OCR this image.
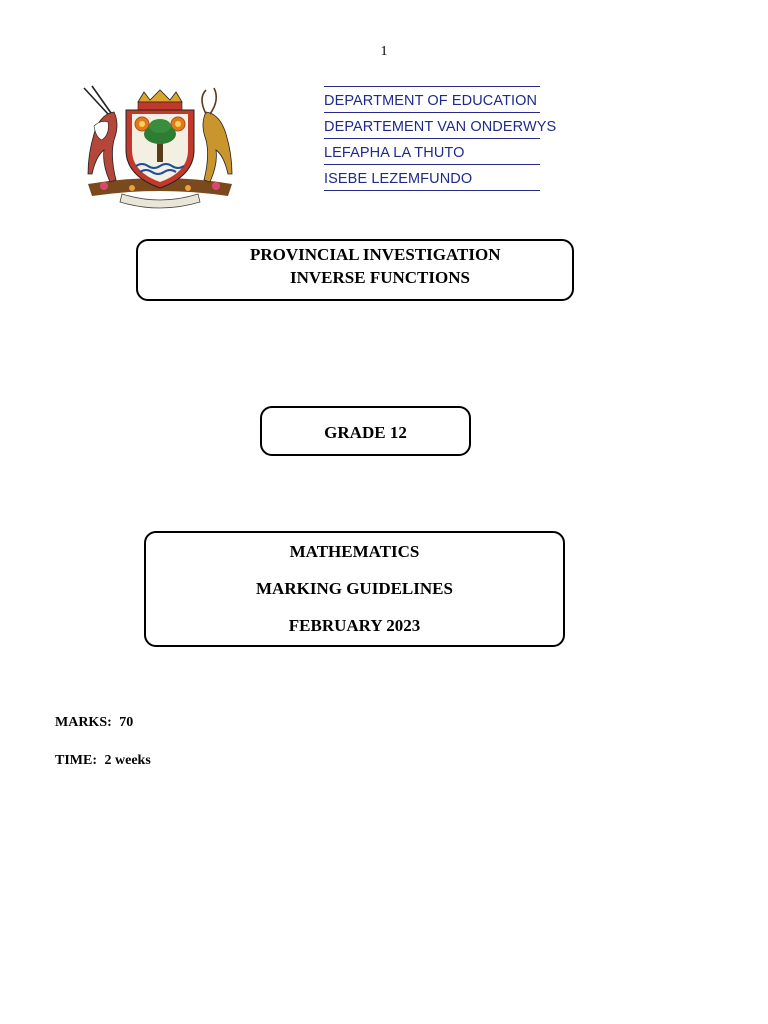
1
DEPARTMENT OF EDUCATION
DEPARTEMENT VAN ONDERWYS
LEFAPHA LA THUTO
ISEBE LEZEMFUNDO
PROVINCIAL INVESTIGATION
INVERSE FUNCTIONS
GRADE 12
MATHEMATICS
MARKING GUIDELINES
FEBRUARY 2023
MARKS: 70
TIME: 2 weeks
